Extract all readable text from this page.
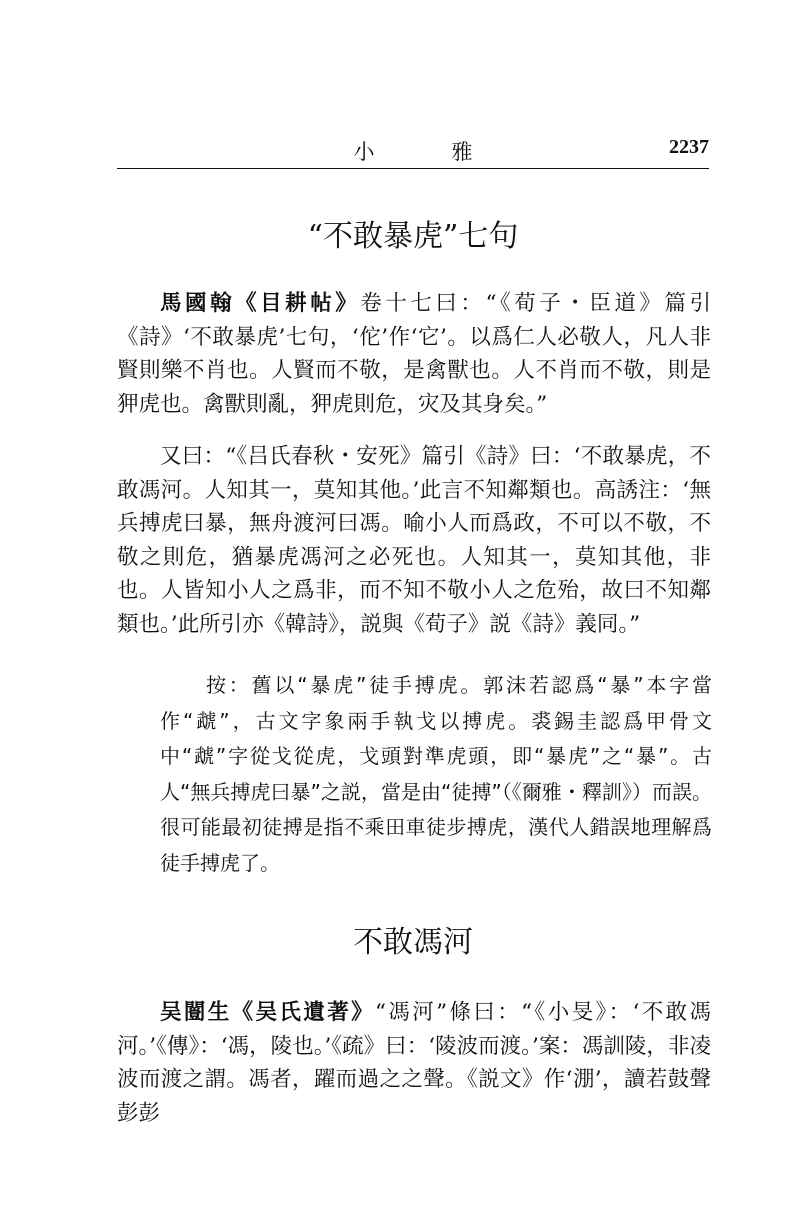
小　雅	2237
“不敢暴虎”七句
馬國翰《目耕帖》卷十七曰：“《荀子・臣道》篇引《詩》‘不敢暴虎’七句，‘佗’作‘它’。以爲仁人必敬人，凡人非賢則樂不肖也。人賢而不敬，是禽獸也。人不肖而不敬，則是狎虎也。禽獸則亂，狎虎則危，灾及其身矣。”
又曰：“《吕氏春秋・安死》篇引《詩》曰：‘不敢暴虎，不敢馮河。人知其一，莫知其他。’此言不知鄰類也。高誘注：‘無兵搏虎曰暴，無舟渡河曰馮。喻小人而爲政，不可以不敬，不敬之則危，猶暴虎馮河之必死也。人知其一，莫知其他，非也。人皆知小人之爲非，而不知不敬小人之危殆，故曰不知鄰類也。’此所引亦《韓詩》，説與《荀子》説《詩》義同。”
按：舊以“暴虎”徒手搏虎。郭沫若認爲“暴”本字當作“虣”，古文字象兩手執戈以搏虎。裘錫圭認爲甲骨文中“虣”字從戈從虎，戈頭對準虎頭，即“暴虎”之“暴”。古人“無兵搏虎曰暴”之説，當是由“徒搏”（《爾雅・釋訓》）而誤。很可能最初徒搏是指不乘田車徒步搏虎，漢代人錯誤地理解爲徒手搏虎了。
不敢馮河
吴闓生《吴氏遺著》“馮河”條曰：“《小旻》：‘不敢馮河。’《傳》：‘馮，陵也。’《疏》曰：‘陵波而渡。’案：馮訓陵，非凌波而渡之謂。馮者，躍而過之之聲。《説文》作‘淜’，讀若鼓聲彭彭
